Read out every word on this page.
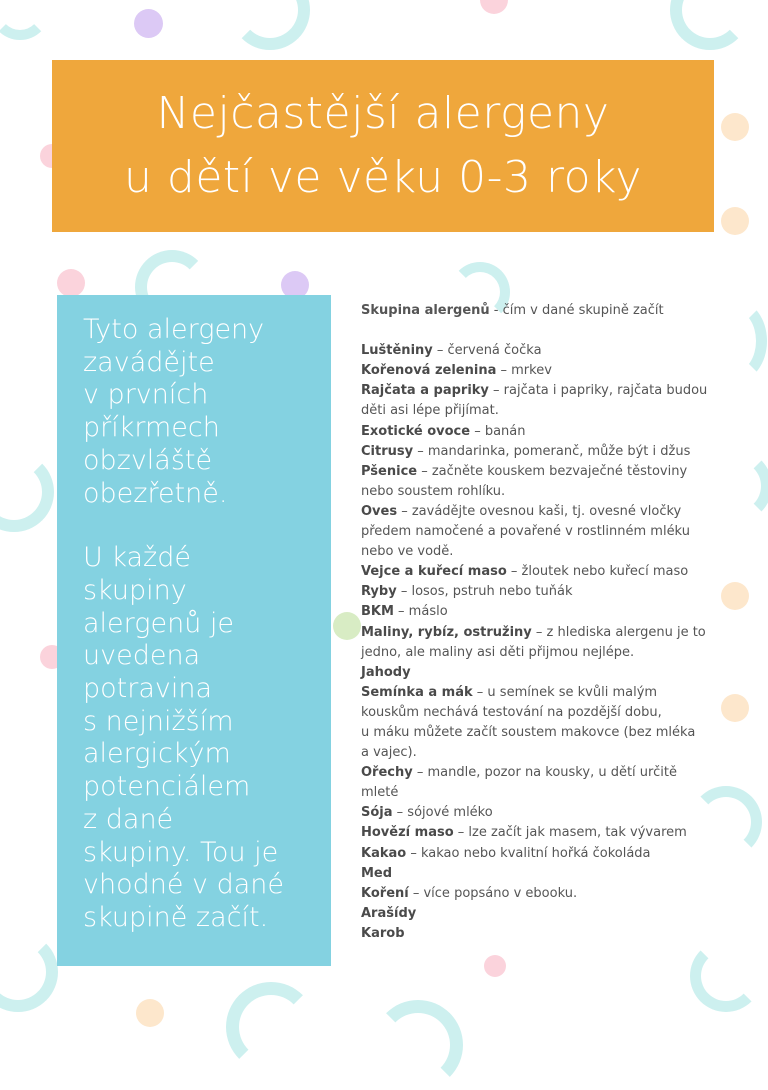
Nejčastější alergeny
u dětí ve věku 0-3 roky

Tyto alergeny
zavádějte
v prvních
příkrmech
obzvláště
obezřetně.

U každé
skupiny
alergenů je
uvedena
potravina
s nejnižším
alergickým
potenciálem
z dané
skupiny. Tou je
vhodné v dané
skupině začít.

Skupina alergenů - čím v dané skupině začít
Luštěniny – červená čočka
Kořenová zelenina – mrkev
Rajčata a papriky – rajčata i papriky, rajčata budou
děti asi lépe přijímat.
Exotické ovoce – banán
Citrusy – mandarinka, pomeranč, může být i džus
Pšenice – začněte kouskem bezvaječné těstoviny
nebo soustem rohlíku.
Oves – zavádějte ovesnou kaši, tj. ovesné vločky
předem namočené a povařené v rostlinném mléku
nebo ve vodě.
Vejce a kuřecí maso – žloutek nebo kuřecí maso
Ryby – losos, pstruh nebo tuňák
BKM – máslo
Maliny, rybíz, ostružiny – z hlediska alergenu je to
jedno, ale maliny asi děti přijmou nejlépe.
Jahody
Semínka a mák – u semínek se kvůli malým
kouskům nechává testování na pozdější dobu,
u máku můžete začít soustem makovce (bez mléka
a vajec).
Ořechy – mandle, pozor na kousky, u dětí určitě
mleté
Sója – sójové mléko
Hovězí maso – lze začít jak masem, tak vývarem
Kakao – kakao nebo kvalitní hořká čokoláda
Med
Koření – více popsáno v ebooku.
Arašídy
Karob
